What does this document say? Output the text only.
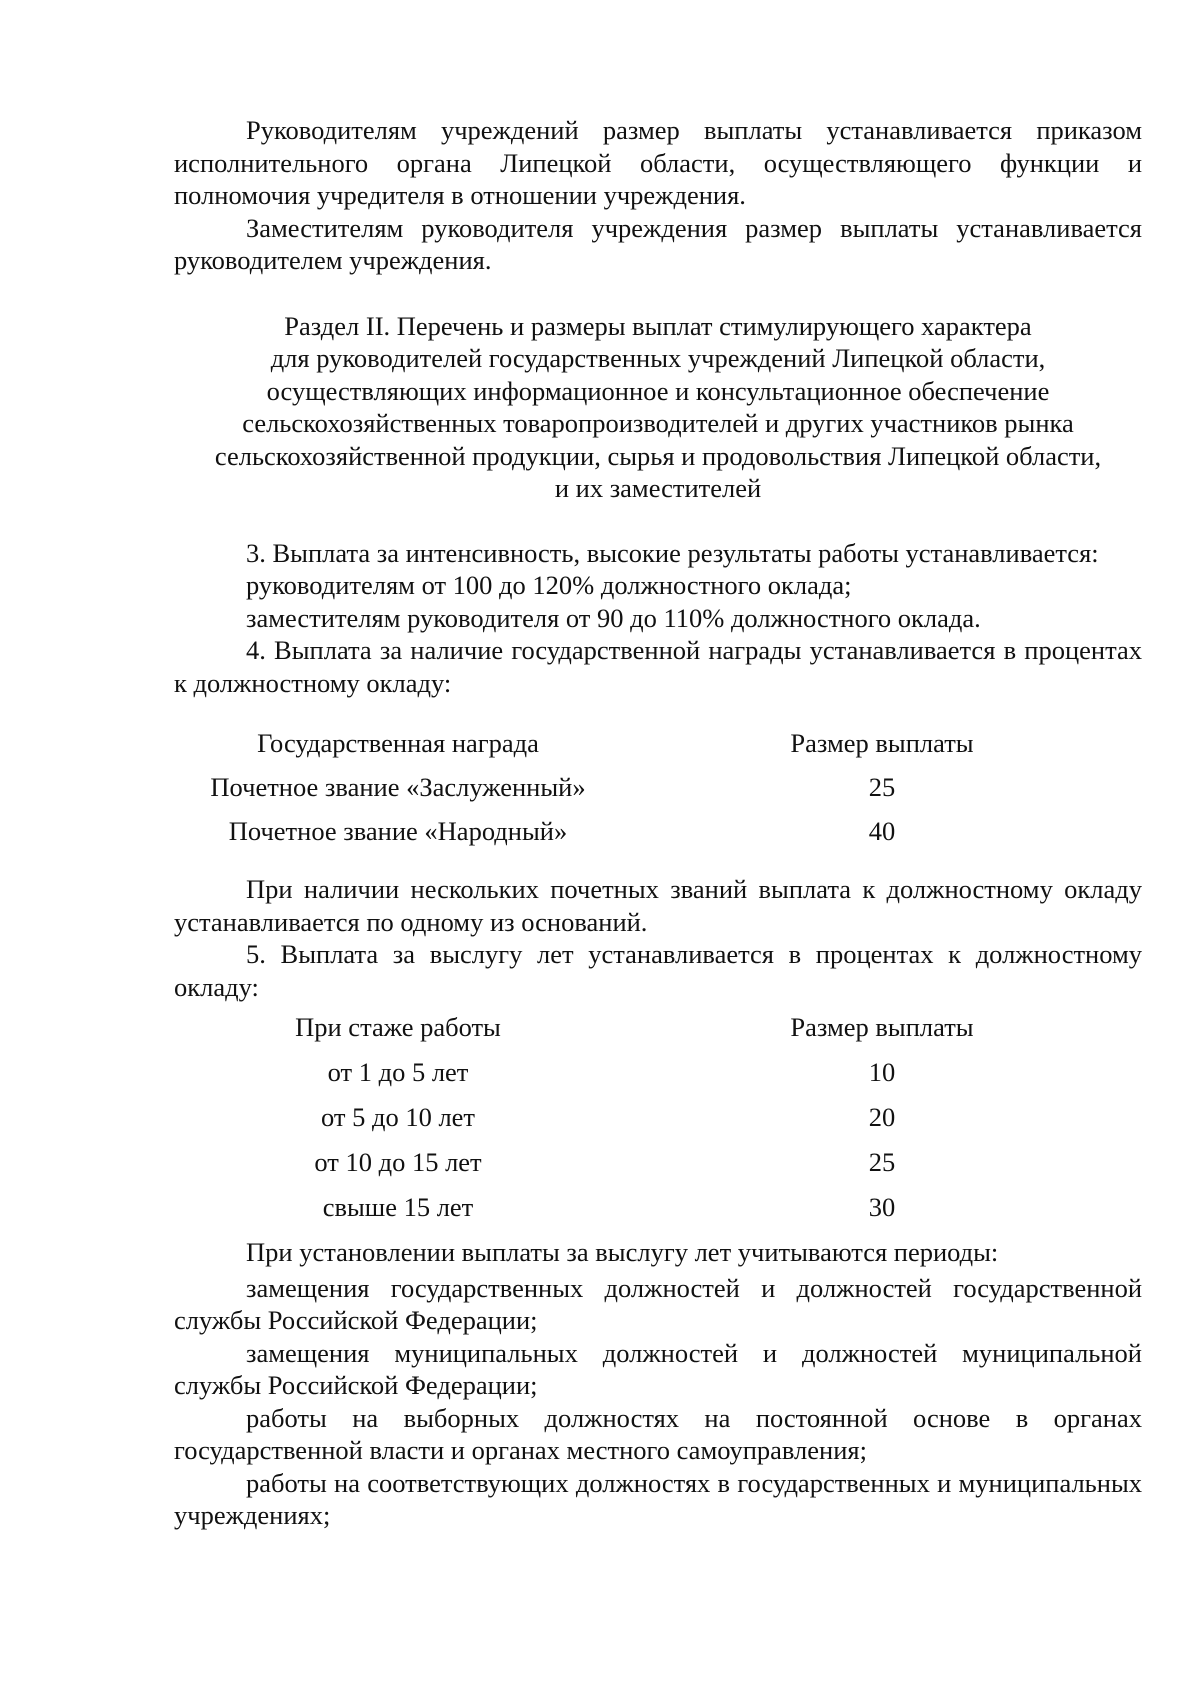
Руководителям учреждений размер выплаты устанавливается приказом исполнительного органа Липецкой области, осуществляющего функции и полномочия учредителя в отношении учреждения.

Заместителям руководителя учреждения размер выплаты устанавливается руководителем учреждения.

Раздел II. Перечень и размеры выплат стимулирующего характера
для руководителей государственных учреждений Липецкой области,
осуществляющих информационное и консультационное обеспечение
сельскохозяйственных товаропроизводителей и других участников рынка
сельскохозяйственной продукции, сырья и продовольствия Липецкой области,
и их заместителей

3. Выплата за интенсивность, высокие результаты работы устанавливается:

руководителям от 100 до 120% должностного оклада;

заместителям руководителя от 90 до 110% должностного оклада.

4. Выплата за наличие государственной награды устанавливается в процентах к должностному окладу:

Государственная награда	Размер выплаты
Почетное звание «Заслуженный»	25
Почетное звание «Народный»	40

При наличии нескольких почетных званий выплата к должностному окладу устанавливается по одному из оснований.

5. Выплата за выслугу лет устанавливается в процентах к должностному окладу:

При стаже работы	Размер выплаты
от 1 до 5 лет	10
от 5 до 10 лет	20
от 10 до 15 лет	25
свыше 15 лет	30

При установлении выплаты за выслугу лет учитываются периоды:

замещения государственных должностей и должностей государственной службы Российской Федерации;

замещения муниципальных должностей и должностей муниципальной службы Российской Федерации;

работы на выборных должностях на постоянной основе в органах государственной власти и органах местного самоуправления;

работы на соответствующих должностях в государственных и муниципальных учреждениях;
